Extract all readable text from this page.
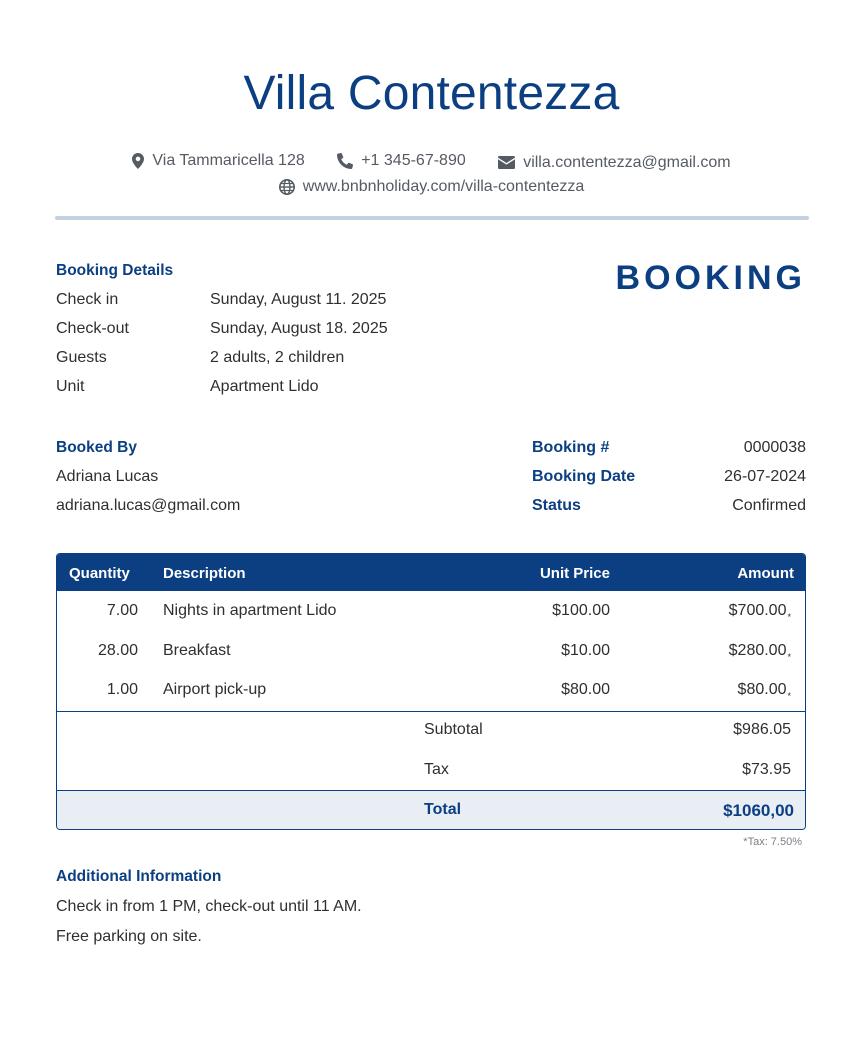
Villa Contentezza
Via Tammaricella 128
	+1 345-67-890
	villa.contentezza@gmail.com
www.bnbnholiday.com/villa-contentezza
Booking Details	BOOKING
Check in	Sunday, August 11. 2025
Check-out	Sunday, August 18. 2025
Guests	2 adults, 2 children
Unit	Apartment Lido
Booked By
Adriana Lucas
adriana.lucas@gmail.com
Booking #	0000038
Booking Date	26-07-2024
Status	Confirmed
Quantity Description	Unit Price	Amount
7.00 Nights in apartment Lido	$100.00	$700.00*
28.00 Breakfast	$10.00	$280.00*
1.00 Airport pick-up	$80.00	$80.00*
Subtotal	$986.05
Tax	$73.95
Total	$1060,00
*Tax: 7.50%
Additional Information
Check in from 1 PM, check-out until 11 AM.
Free parking on site.
